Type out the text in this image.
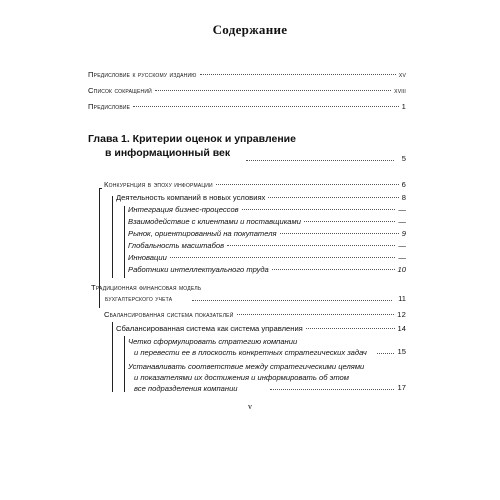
Содержание
Предисловие к русскому изданию	xv
Список сокращений	xviii
Предисловие	1
Глава 1. Критерии оценок и управление
в информационный век	5
Конкуренция в эпоху информации	6
Деятельность компаний в новых условиях	8
Интеграция бизнес-процессов	—
Взаимодействие с клиентами и поставщиками	—
Рынок, ориентированный на покупателя	9
Глобальность масштабов	—
Инновации	—
Работники интеллектуального труда	10
Традиционная финансовая модель
бухгалтерского учета	11
Сбалансированная система показателей	12
Сбалансированная система как система управления	14
Четко сформулировать стратегию компании
и перевести ее в плоскость конкретных стратегических задач	15
Устанавливать соответствие между стратегическими целями
и показателями их достижения и информировать об этом
все подразделения компании	17
v
